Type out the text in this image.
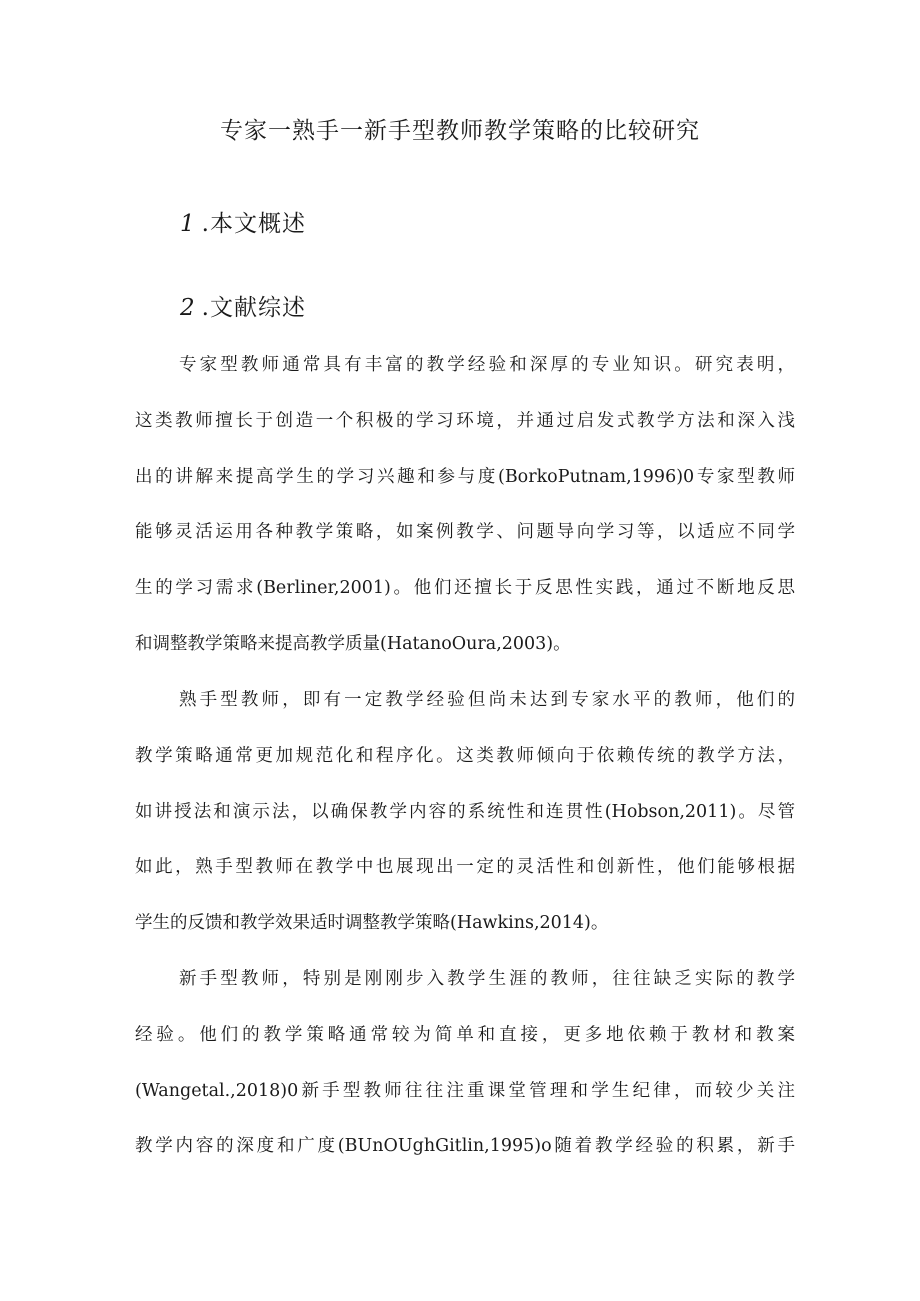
专家一熟手一新手型教师教学策略的比较研究
1 .本文概述
2 .文献综述
专家型教师通常具有丰富的教学经验和深厚的专业知识。研究表明，
这类教师擅长于创造一个积极的学习环境，并通过启发式教学方法和深入浅
出的讲解来提高学生的学习兴趣和参与度(BorkoPutnam,1996)0专家型教师
能够灵活运用各种教学策略，如案例教学、问题导向学习等，以适应不同学
生的学习需求(Berliner,2001)。他们还擅长于反思性实践，通过不断地反思
和调整教学策略来提高教学质量(HatanoOura,2003)。
熟手型教师，即有一定教学经验但尚未达到专家水平的教师，他们的
教学策略通常更加规范化和程序化。这类教师倾向于依赖传统的教学方法，
如讲授法和演示法，以确保教学内容的系统性和连贯性(Hobson,2011)。尽管
如此，熟手型教师在教学中也展现出一定的灵活性和创新性，他们能够根据
学生的反馈和教学效果适时调整教学策略(Hawkins,2014)。
新手型教师，特别是刚刚步入教学生涯的教师，往往缺乏实际的教学
经验。他们的教学策略通常较为简单和直接，更多地依赖于教材和教案
(Wangetal.,2018)0新手型教师往往注重课堂管理和学生纪律，而较少关注
教学内容的深度和广度(BUnOUghGitlin,1995)o随着教学经验的积累，新手
